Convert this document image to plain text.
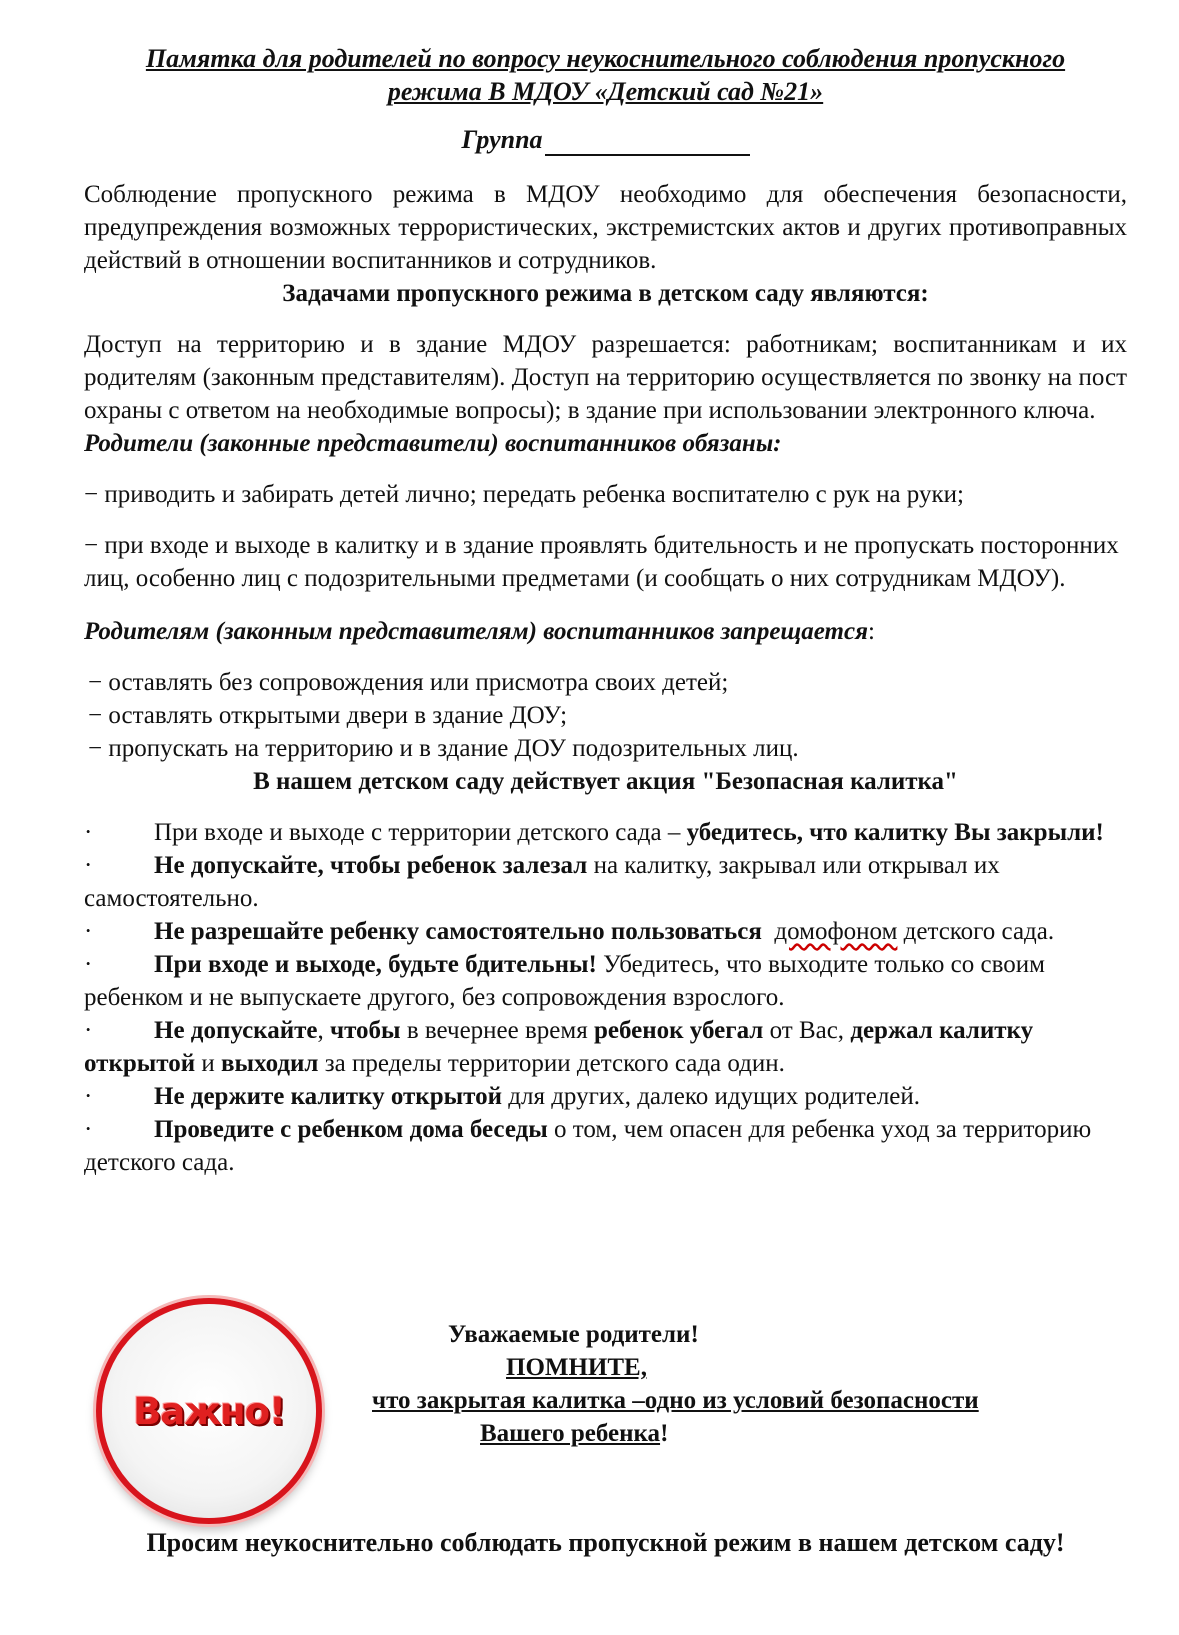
Памятка для родителей по вопросу неукоснительного соблюдения пропускного

режима В МДОУ «Детский сад №21»

Группа

Соблюдение пропускного режима в МДОУ необходимо для обеспечения безопасности, предупреждения возможных террористических, экстремистских актов и других противоправных действий в отношении воспитанников и сотрудников.

Задачами пропускного режима в детском саду являются:

Доступ на территорию и в здание МДОУ разрешается: работникам; воспитанникам и их родителям (законным представителям). Доступ на территорию осуществляется по звонку на пост охраны с ответом на необходимые вопросы); в здание при использовании электронного ключа.

Родители (законные представители) воспитанников обязаны:

− приводить и забирать детей лично; передать ребенка воспитателю с рук на руки;

− при входе и выходе в калитку и в здание проявлять бдительность и не пропускать посторонних лиц, особенно лиц с подозрительными предметами (и сообщать о них сотрудникам МДОУ).

Родителям (законным представителям) воспитанников запрещается:

− оставлять без сопровождения или присмотра своих детей;

− оставлять открытыми двери в здание ДОУ;

− пропускать на территорию и в здание ДОУ подозрительных лиц.

В нашем детском саду действует акция "Безопасная калитка"

· При входе и выходе с территории детского сада – убедитесь, что калитку Вы закрыли!

· Не допускайте, чтобы ребенок залезал на калитку, закрывал или открывал их самостоятельно.

· Не разрешайте ребенку самостоятельно пользоваться домофоном детского сада.

· При входе и выходе, будьте бдительны! Убедитесь, что выходите только со своим ребенком и не выпускаете другого, без сопровождения взрослого.

· Не допускайте, чтобы в вечернее время ребенок убегал от Вас, держал калитку открытой и выходил за пределы территории детского сада один.

· Не держите калитку открытой для других, далеко идущих родителей.

· Проведите с ребенком дома беседы о том, чем опасен для ребенка уход за территорию детского сада.

Важно!
Уважаемые родители!
ПОМНИТЕ,
что закрытая калитка –одно из условий безопасности
Вашего ребенка!
Просим неукоснительно соблюдать пропускной режим в нашем детском саду!
